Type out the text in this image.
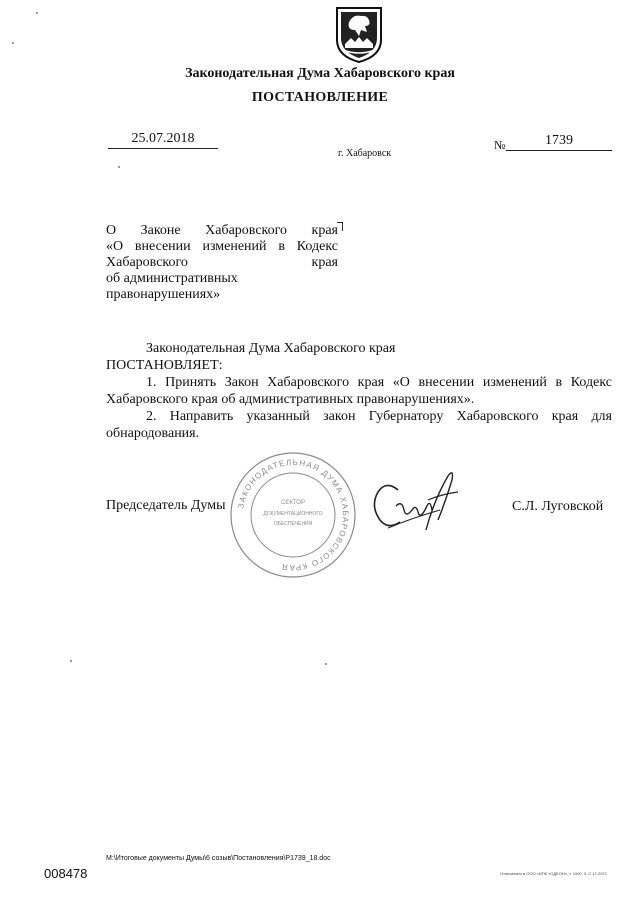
Законодательная Дума Хабаровского края
ПОСТАНОВЛЕНИЕ
25.07.2018
г. Хабаровск
№	1739
О Законе Хабаровского края
«О внесении изменений в Кодекс
Хабаровского края
об административных
правонарушениях»
Законодательная Дума Хабаровского края
ПОСТАНОВЛЯЕТ:
1. Принять Закон Хабаровского края «О внесении изменений в Кодекс
Хабаровского края об административных правонарушениях».
2. Направить указанный закон Губернатору Хабаровского края для
обнародования.
ЗАКОНОДАТЕЛЬНАЯ ДУМА ХАБАРОВСКОГО КРАЯ
СЕКТОР
ДОКУМЕНТАЦИОННОГО
ОБЕСПЕЧЕНИЯ
Председатель Думы	С.Л. Луговской
M:\Итоговые документы Думы\6 созыв\Постановления\P1739_18.doc
008478	Отпечатано в ООО «ИПК «ОДЕОН», т. 1000, 3. С 17-2071
